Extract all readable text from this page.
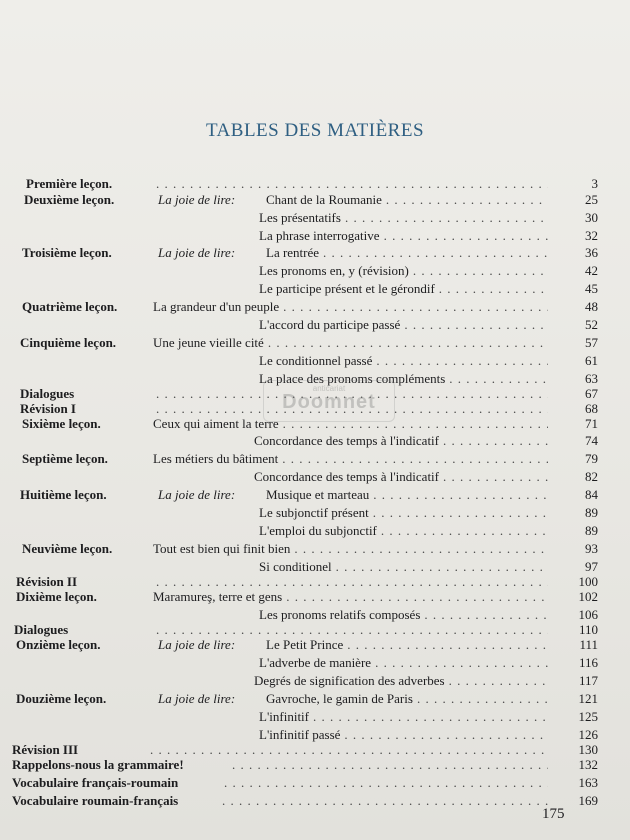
TABLES DES MATIÈRES
Première leçon. . . .	3
Deuxième leçon.	La joie de lire: Chant de la Roumanie . . .	25
Les présentatifs . . .	30
La phrase interrogative . . .	32
Troisième leçon.	La joie de lire: La rentrée . . .	36
Les pronoms en, y (révision) . . .	42
Le participe présent et le gérondif . . .	45
Quatrième leçon.	La grandeur d'un peuple . . .	48
L'accord du participe passé . . .	52
Cinquième leçon.	Une jeune vieille cité . . .	57
Le conditionnel passé . . .	61
La place des pronoms compléments . . .	63
Dialogues . . .	67
Révision I . . .	68
Sixième leçon.	Ceux qui aiment la terre . . .	71
Concordance des temps à l'indicatif . . .	74
Septième leçon.	Les métiers du bâtiment . . .	79
Concordance des temps à l'indicatif . . .	82
Huitième leçon.	La joie de lire: Musique et marteau . . .	84
Le subjonctif présent . . .	89
L'emploi du subjonctif . . .	89
Neuvième leçon.	Tout est bien qui finit bien . . .	93
Si conditionel . . .	97
Révision II . . .	100
Dixième leçon.	Maramureş, terre et gens . . .	102
Les pronoms relatifs composés . . .	106
Dialogues . . .	110
Onzième leçon.	La joie de lire: Le Petit Prince . . .	111
L'adverbe de manière . . .	116
Degrés de signification des adverbes . . .	117
Douzième leçon.	La joie de lire: Gavroche, le gamin de Paris . . .	121
L'infinitif . . .	125
L'infinitif passé . . .	126
Révision III . . .	130
Rappelons-nous la grammaire! . . .	132
Vocabulaire français-roumain . . .	163
Vocabulaire roumain-français . . .	169
anticariat
Doomnet
175
